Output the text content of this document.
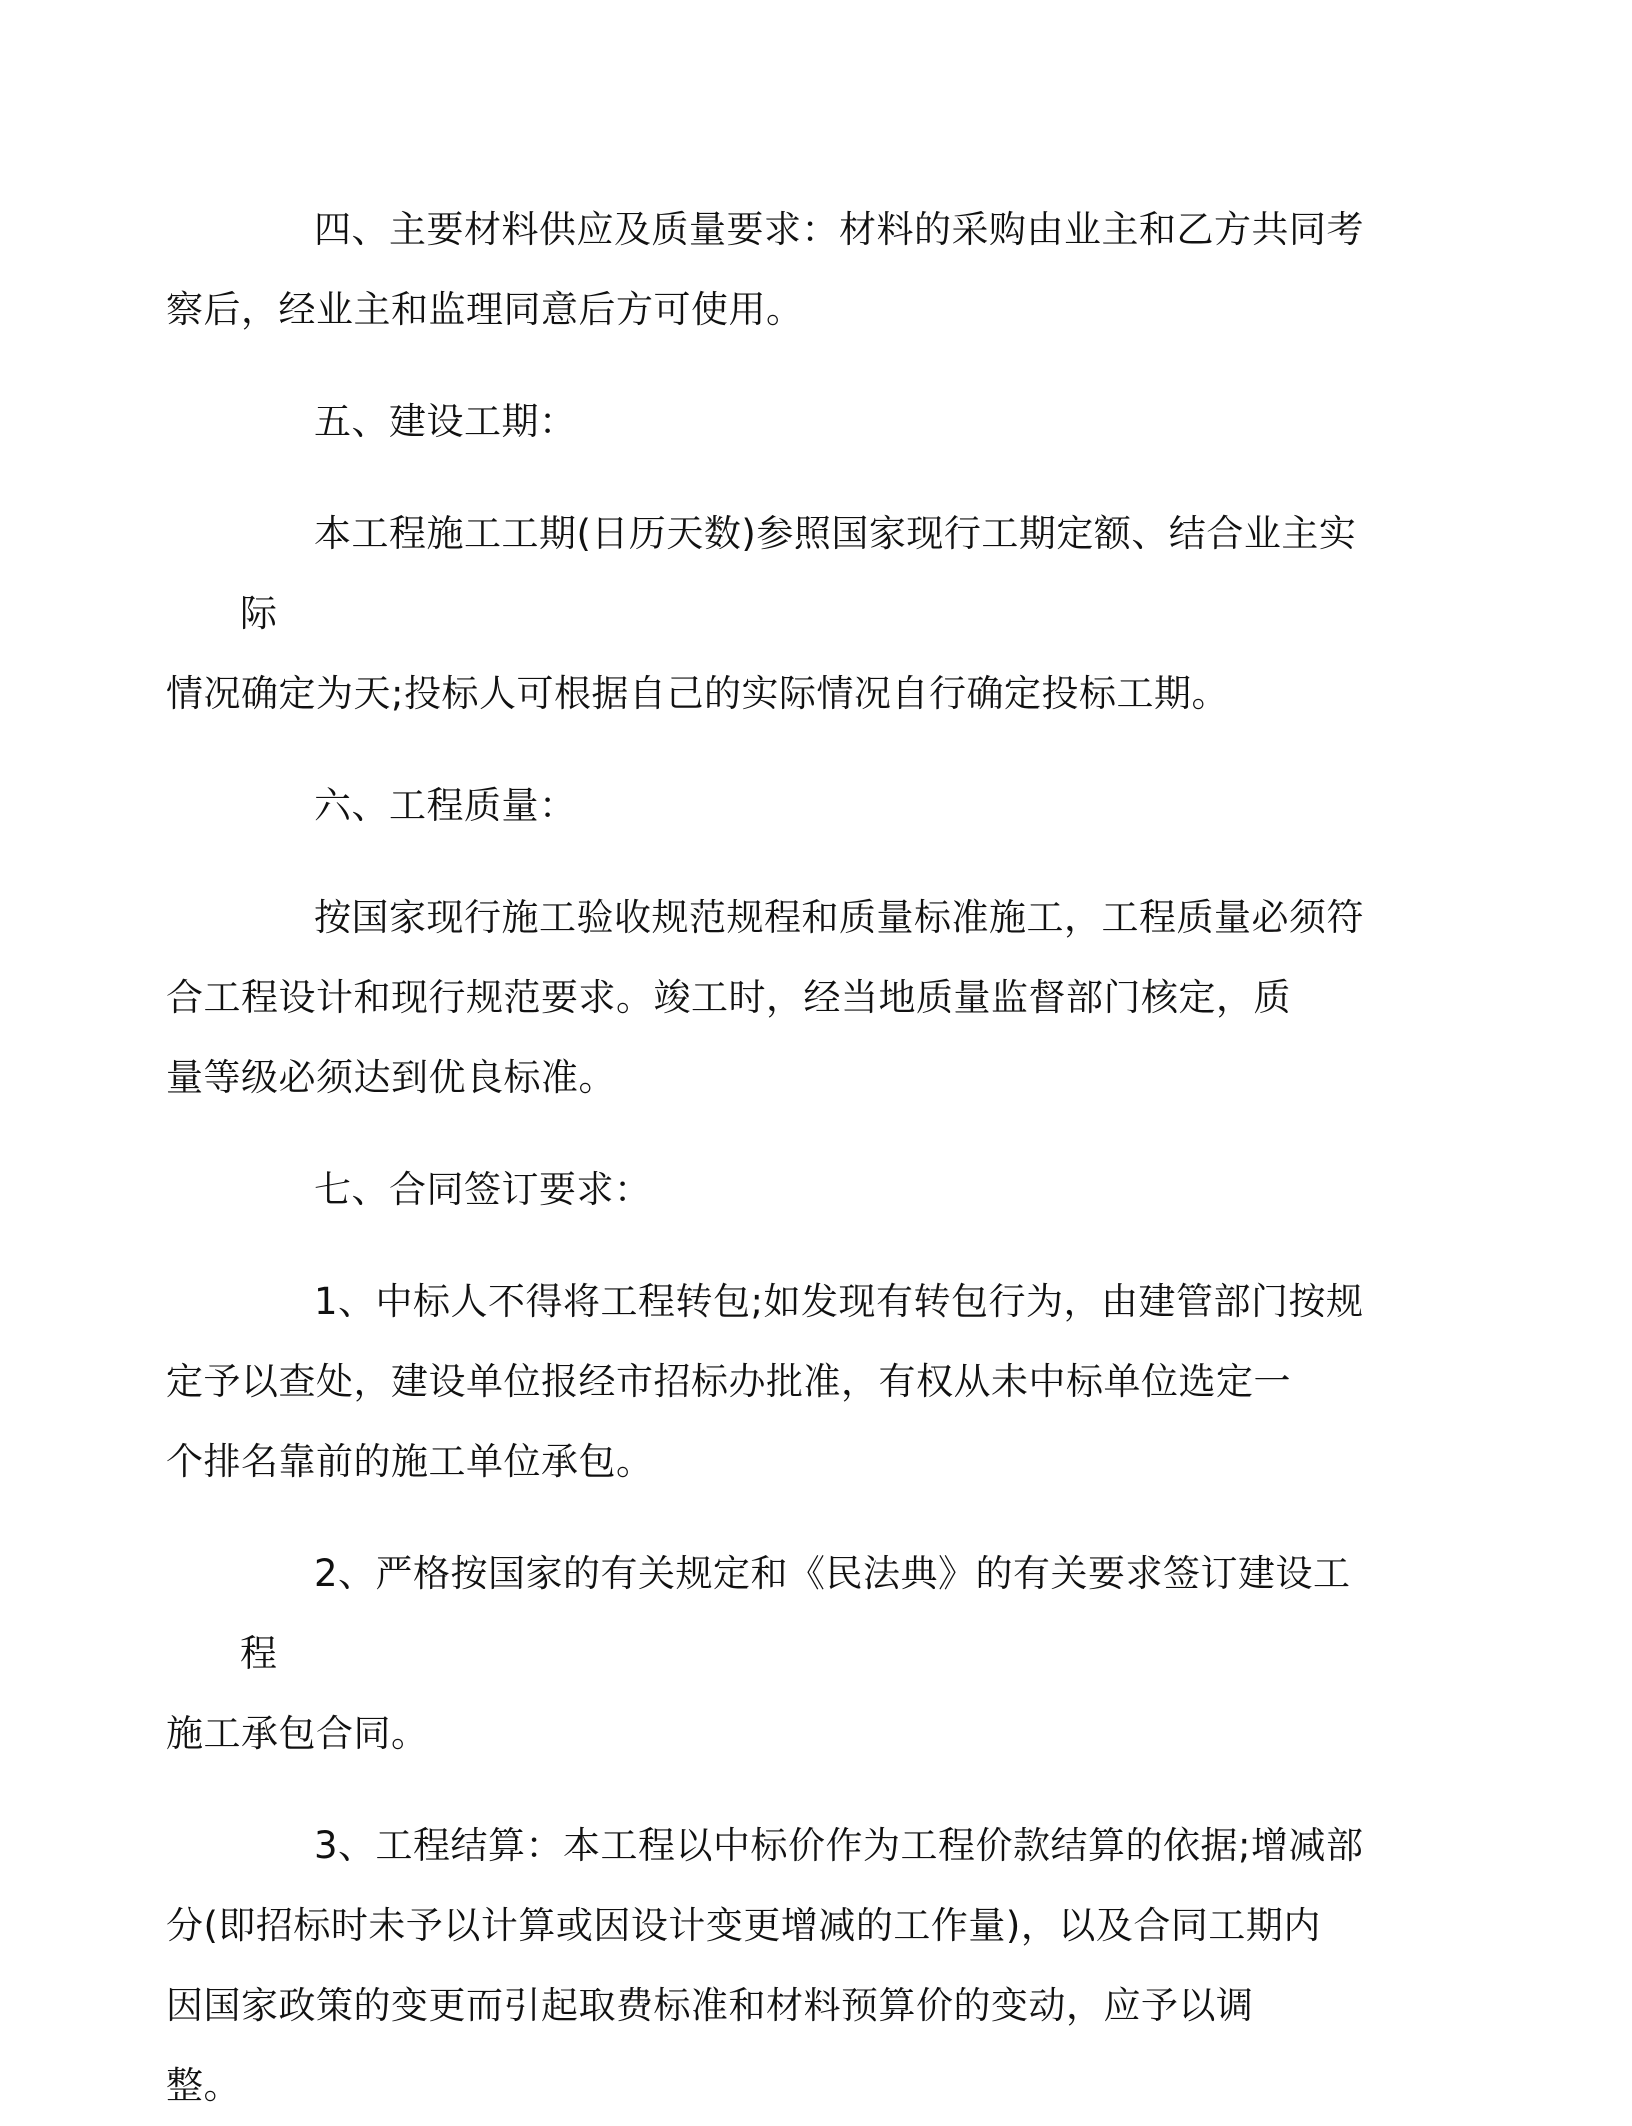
四、主要材料供应及质量要求：材料的采购由业主和乙方共同考
察后，经业主和监理同意后方可使用。

五、建设工期：

本工程施工工期(日历天数)参照国家现行工期定额、结合业主实际
情况确定为天;投标人可根据自己的实际情况自行确定投标工期。

六、工程质量：

按国家现行施工验收规范规程和质量标准施工，工程质量必须符
合工程设计和现行规范要求。竣工时，经当地质量监督部门核定，质
量等级必须达到优良标准。

七、合同签订要求：

1、中标人不得将工程转包;如发现有转包行为，由建管部门按规
定予以查处，建设单位报经市招标办批准，有权从未中标单位选定一
个排名靠前的施工单位承包。

2、严格按国家的有关规定和《民法典》的有关要求签订建设工程
施工承包合同。

3、工程结算：本工程以中标价作为工程价款结算的依据;增减部
分(即招标时未予以计算或因设计变更增减的工作量)，以及合同工期内
因国家政策的变更而引起取费标准和材料预算价的变动，应予以调
整。
